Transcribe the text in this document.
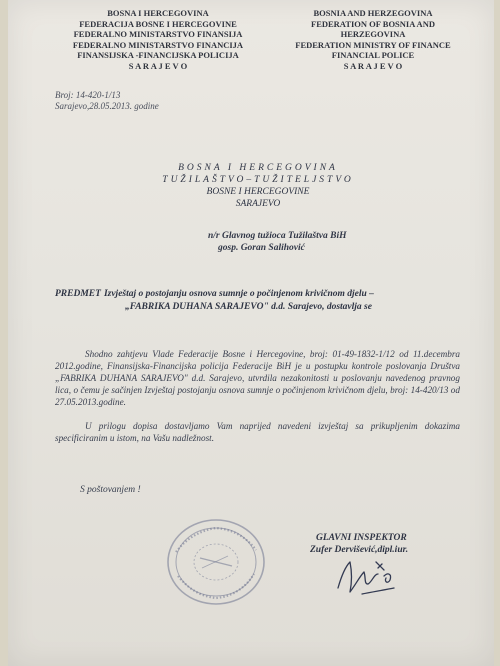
BOSNA I HERCEGOVINA
FEDERACIJA BOSNE I HERCEGOVINE
FEDERALNO MINISTARSTVO FINANSIJA
FEDERALNO MINISTARSTVO FINANCIJA
FINANSIJSKA -FINANCIJSKA POLICIJA
S A R A J E V O
BOSNIA AND HERZEGOVINA
FEDERATION OF BOSNIA AND
HERZEGOVINA
FEDERATION MINISTRY OF FINANCE
FINANCIAL POLICE
S A R A J E V O
Broj: 14-420-1/13
Sarajevo,28.05.2013. godine
BOSNA I HERCEGOVINA
TUŽILAŠTVO–TUŽITELJSTVO
BOSNE I HERCEGOVINE
SARAJEVO
n/r Glavnog tužioca Tužilaštva BiH
gosp. Goran Salihović
PREDMET Izvještaj o postojanju osnova sumnje o počinjenom krivičnom djelu –
„FABRIKA DUHANA SARAJEVO" d.d. Sarajevo, dostavlja se
Shodno zahtjevu Vlade Federacije Bosne i Hercegovine, broj: 01-49-1832-1/12 od 11.decembra 2012.godine, Finansijska-Financijska policija Federacije BiH je u postupku kontrole poslovanja Društva „FABRIKA DUHANA SARAJEVO" d.d. Sarajevo, utvrdila nezakonitosti u poslovanju navedenog pravnog lica, o čemu je sačinjen Izvještaj postojanju osnova sumnje o počinjenom krivičnom djelu, broj: 14-420/13 od 27.05.2013.godine.
U prilogu dopisa dostavljamo Vam naprijed navedeni izvještaj sa prikupljenim dokazima specificiranim u istom, na Vašu nadležnost.
S poštovanjem !
GLAVNI INSPEKTOR
Zufer Dervišević,dipl.iur.
